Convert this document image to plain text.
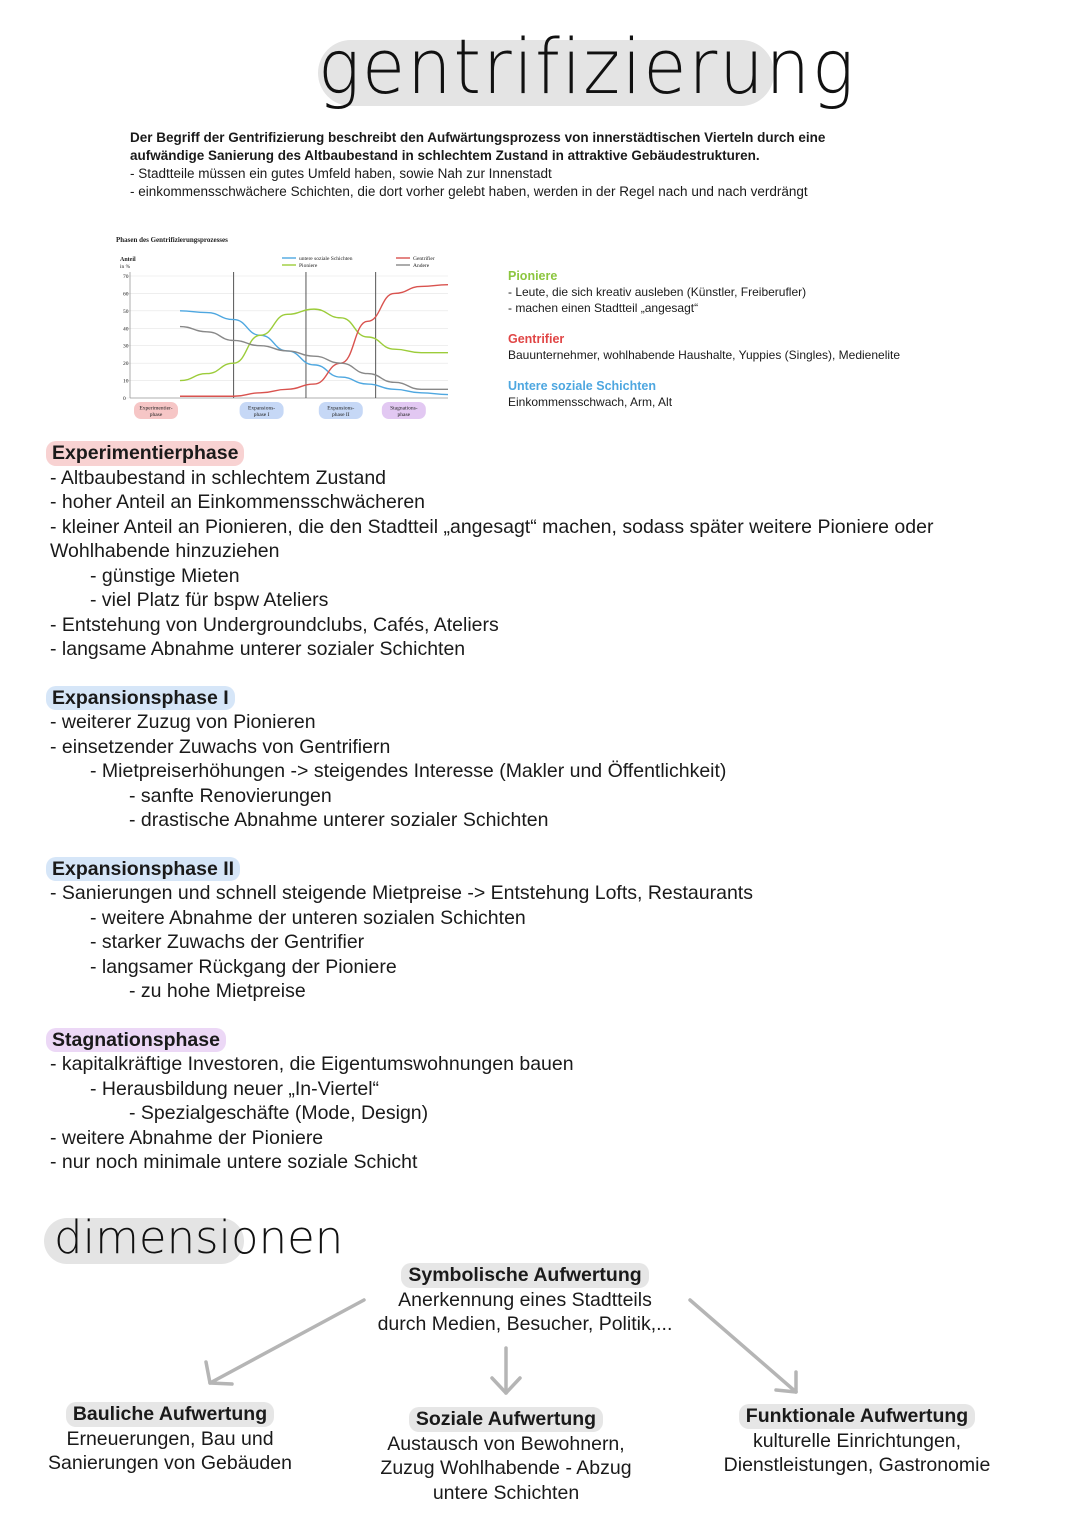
gentrifizierung
Der Begriff der Gentrifizierung beschreibt den Aufwärtungsprozess von innerstädtischen Vierteln durch eine
aufwändige Sanierung des Altbaubestand in schlechtem Zustand in attraktive Gebäudestrukturen.
- Stadtteile müssen ein gutes Umfeld haben, sowie Nah zur Innenstadt
- einkommensschwächere Schichten, die dort vorher gelebt haben, werden in der Regel nach und nach verdrängt
Phasen des Gentrifizierungsprozesses
Anteil
in %
70
60
50
40
30
20
10
0
untere soziale Schichten
Pioniere
Gentrifier
Andere
Experimentier-
phase
Expansions-
phase I
Expansions-
phase II
Stagnations-
phase
Pioniere
- Leute, die sich kreativ ausleben (Künstler, Freiberufler)
- machen einen Stadtteil „angesagt“
Gentrifier
Bauunternehmer, wohlhabende Haushalte, Yuppies (Singles), Medienelite
Untere soziale Schichten
Einkommensschwach, Arm, Alt
Experimentierphase
- Altbaubestand in schlechtem Zustand
- hoher Anteil an Einkommensschwächeren
- kleiner Anteil an Pionieren, die den Stadtteil „angesagt“ machen, sodass später weitere Pioniere oder Wohlhabende hinzuziehen
- günstige Mieten
- viel Platz für bspw Ateliers
- Entstehung von Undergroundclubs, Cafés, Ateliers
- langsame Abnahme unterer sozialer Schichten
Expansionsphase I
- weiterer Zuzug von Pionieren
- einsetzender Zuwachs von Gentrifiern
- Mietpreiserhöhungen -> steigendes Interesse (Makler und Öffentlichkeit)
- sanfte Renovierungen
- drastische Abnahme unterer sozialer Schichten
Expansionsphase II
- Sanierungen und schnell steigende Mietpreise -> Entstehung Lofts, Restaurants
- weitere Abnahme der unteren sozialen Schichten
- starker Zuwachs der Gentrifier
- langsamer Rückgang der Pioniere
- zu hohe Mietpreise
Stagnationsphase
- kapitalkräftige Investoren, die Eigentumswohnungen bauen
- Herausbildung neuer „In-Viertel“
- Spezialgeschäfte (Mode, Design)
- weitere Abnahme der Pioniere
- nur noch minimale untere soziale Schicht
dimensionen
Symbolische Aufwertung
Anerkennung eines Stadtteils
durch Medien, Besucher, Politik,...
Bauliche Aufwertung
Erneuerungen, Bau und
Sanierungen von Gebäuden
Soziale Aufwertung
Austausch von Bewohnern,
Zuzug Wohlhabende - Abzug
untere Schichten
Funktionale Aufwertung
kulturelle Einrichtungen,
Dienstleistungen, Gastronomie
